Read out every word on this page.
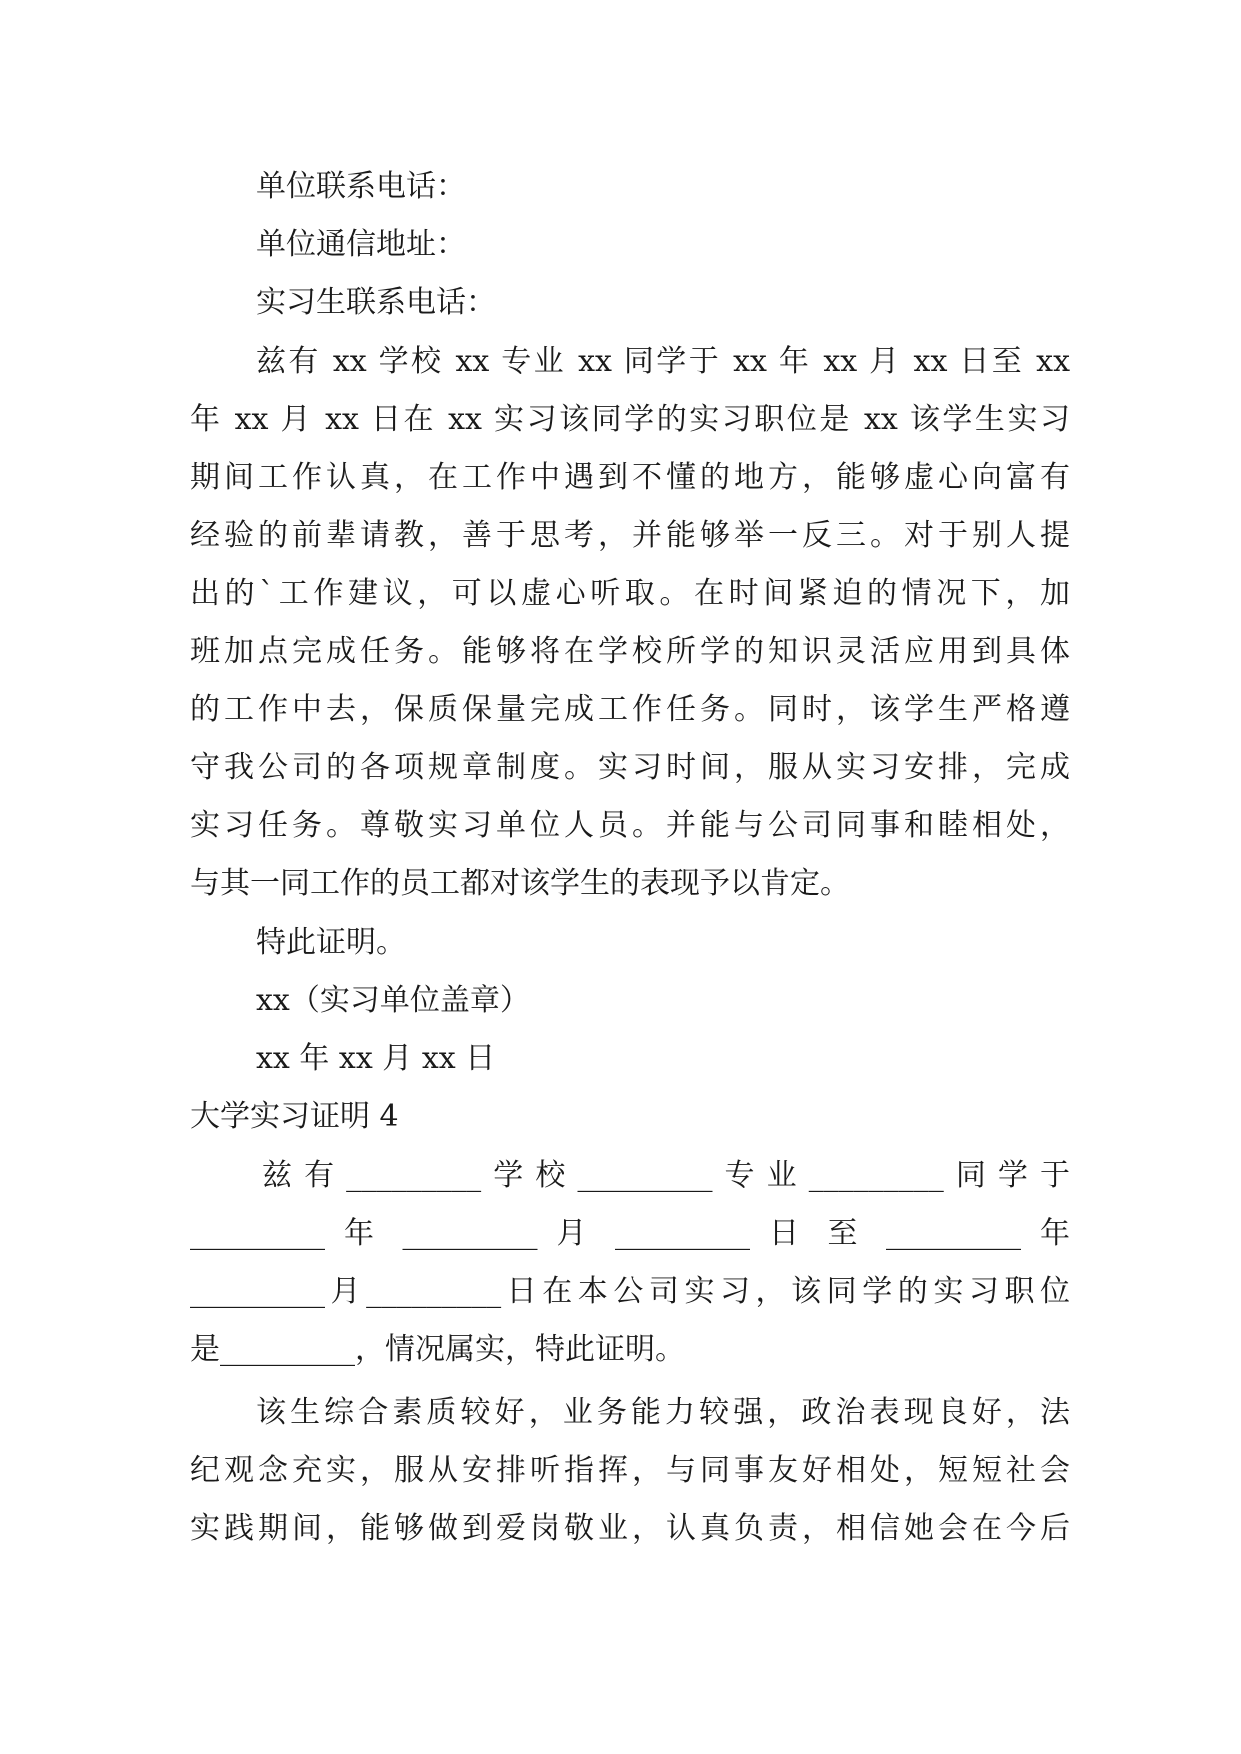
单位联系电话：
单位通信地址：
实习生联系电话：
兹有 xx 学校 xx 专业 xx 同学于 xx 年 xx 月 xx 日至 xx
年 xx 月 xx 日在 xx 实习该同学的实习职位是 xx 该学生实习
期间工作认真，在工作中遇到不懂的地方，能够虚心向富有
经验的前辈请教，善于思考，并能够举一反三。对于别人提
出的`工作建议，可以虚心听取。在时间紧迫的情况下，加
班加点完成任务。能够将在学校所学的知识灵活应用到具体
的工作中去，保质保量完成工作任务。同时，该学生严格遵
守我公司的各项规章制度。实习时间，服从实习安排，完成
实习任务。尊敬实习单位人员。并能与公司同事和睦相处，
与其一同工作的员工都对该学生的表现予以肯定。
特此证明。
xx（实习单位盖章）
xx 年 xx 月 xx 日
大学实习证明 4
兹有_________学校_________专业_________同学于
_________ 年 _________ 月 _________ 日 至 _________ 年
_________月_________日在本公司实习，该同学的实习职位
是_________，情况属实，特此证明。
该生综合素质较好，业务能力较强，政治表现良好，法
纪观念充实，服从安排听指挥，与同事友好相处，短短社会
实践期间，能够做到爱岗敬业，认真负责，相信她会在今后
